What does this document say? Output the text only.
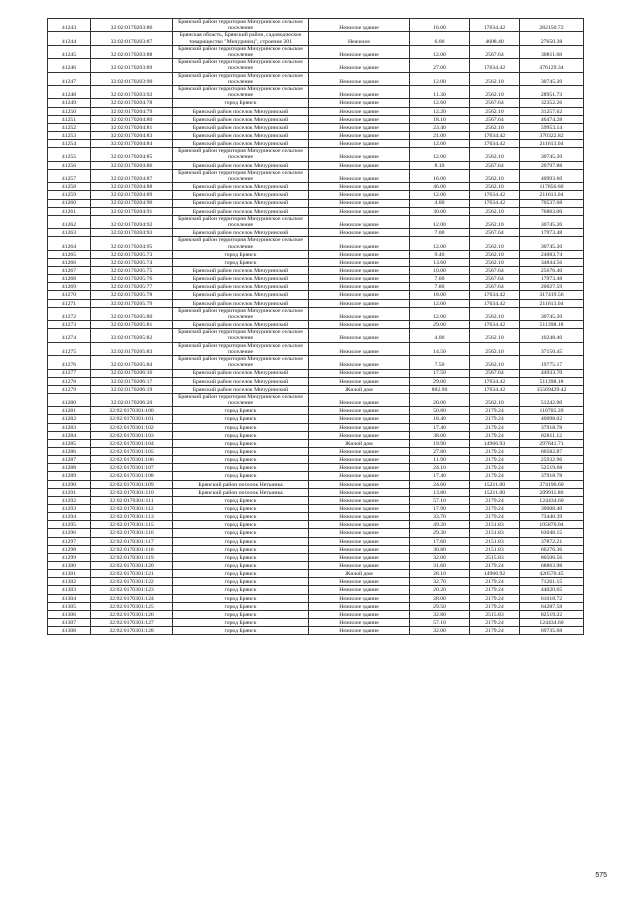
41243	32:02:0170203:86	Брянский район территория Мичуринское сельское поселение	Нежилое здание	16.00	17634.42	282150.72
41244	32:02:0170203:87	Брянская область, Брянский район, садоводческое товарищество "Мичуринец", строение 201	Нежилое	6.00	4608.40	27650.38
41245	32:02:0170203:88	Брянский район территория Мичуринское сельское поселение	Нежилое здание	12.00	2567.64	30811.68
41246	32:02:0170203:89	Брянский район территория Мичуринское сельское поселение	Нежилое здание	27.00	17634.42	476129.34
41247	32:02:0170203:90	Брянский район территория Мичуринское сельское поселение	Нежилое здание	12.00	2562.10	30745.20
41248	32:02:0170203:92	Брянский район территория Мичуринское сельское поселение	Нежилое здание	11.30	2562.10	28951.73
41249	32:02:0170204:78	город Брянск	Нежилое здание	12.60	2567.64	32352.26
41250	32:02:0170204:79	Брянский район поселок Мичуринский	Нежилое здание	12.20	2562.10	31257.62
41251	32:02:0170204:80	Брянский район поселок Мичуринский	Нежилое здание	18.10	2567.64	46474.28
41252	32:02:0170204:81	Брянский район поселок Мичуринский	Нежилое здание	23.40	2562.10	59953.14
41253	32:02:0170204:83	Брянский район поселок Мичуринский	Нежилое здание	21.00	17634.42	370322.82
41254	32:02:0170204:84	Брянский район поселок Мичуринский	Нежилое здание	12.00	17634.42	211613.04
41255	32:02:0170204:85	Брянский район территория Мичуринское сельское поселение	Нежилое здание	12.00	2562.10	30745.20
41256	32:02:0170204:86	Брянский район поселок Мичуринский	Нежилое здание	8.10	2567.64	20797.88
41257	32:02:0170204:87	Брянский район территория Мичуринское сельское поселение	Нежилое здание	16.00	2562.10	40993.60
41258	32:02:0170204:88	Брянский район поселок Мичуринский	Нежилое здание	46.00	2562.10	117856.60
41259	32:02:0170204:89	Брянский район поселок Мичуринский	Нежилое здание	12.00	17634.42	211613.04
41260	32:02:0170204:90	Брянский район поселок Мичуринский	Нежилое здание	4.00	17634.42	70537.68
41261	32:02:0170204:91	Брянский район поселок Мичуринский	Нежилое здание	30.00	2562.10	76863.00
41262	32:02:0170204:92	Брянский район территория Мичуринское сельское поселение	Нежилое здание	12.00	2562.10	30745.20
41263	32:02:0170204:93	Брянский район поселок Мичуринский	Нежилое здание	7.00	2567.64	17973.48
41264	32:02:0170204:95	Брянский район территория Мичуринское сельское поселение	Нежилое здание	12.00	2562.10	30745.20
41265	32:02:0170205:73	город Брянск	Нежилое здание	9.40	2562.10	24083.74
41266	32:02:0170205:74	город Брянск	Нежилое здание	13.60	2562.10	34844.56
41267	32:02:0170205:75	Брянский район поселок Мичуринский	Нежилое здание	10.00	2567.64	25676.40
41268	32:02:0170205:76	Брянский район поселок Мичуринский	Нежилое здание	7.00	2567.64	17973.48
41269	32:02:0170205:77	Брянский район поселок Мичуринский	Нежилое здание	7.80	2567.64	20027.59
41270	32:02:0170205:78	Брянский район поселок Мичуринский	Нежилое здание	18.00	17634.42	317419.56
41271	32:02:0170205:79	Брянский район поселок Мичуринский	Нежилое здание	12.00	17634.42	211613.04
41272	32:02:0170205:80	Брянский район территория Мичуринское сельское поселение	Нежилое здание	12.00	2562.10	30745.20
41273	32:02:0170205:81	Брянский район поселок Мичуринский	Нежилое здание	29.00	17634.42	511398.18
41274	32:02:0170205:82	Брянский район территория Мичуринское сельское поселение	Нежилое здание	4.00	2562.10	10248.40
41275	32:02:0170205:83	Брянский район территория Мичуринское сельское поселение	Нежилое здание	14.50	2562.10	37150.45
41276	32:02:0170205:84	Брянский район территория Мичуринское сельское поселение	Нежилое здание	7.50	2562.10	19775.17
41277	32:02:0170206:16	Брянский район поселок Мичуринский	Нежилое здание	17.50	2567.64	44933.70
41278	32:02:0170206:17	Брянский район поселок Мичуринский	Нежилое здание	29.00	17634.42	511398.18
41279	32:02:0170206:19	Брянский район поселок Мичуринский	Жилой дом	882.90	17634.42	15569429.42
41280	32:02:0170206:20	Брянский район территория Мичуринское сельское поселение	Нежилое здание	20.00	2562.10	51242.00
41281	32:02:0170301:100	город Брянск	Нежилое здание	50.80	2179.24	110705.39
41282	32:02:0170301:101	город Брянск	Нежилое здание	18.40	2179.24	40098.02
41283	32:02:0170301:102	город Брянск	Нежилое здание	17.40	2179.24	37918.78
41284	32:02:0170301:103	город Брянск	Нежилое здание	38.00	2179.24	82811.12
41285	32:02:0170301:104	город Брянск	Жилой дом	19.90	14966.93	297841.71
41286	32:02:0170301:105	город Брянск	Нежилое здание	27.80	2179.24	60582.87
41287	32:02:0170301:106	город Брянск	Нежилое здание	11.90	2179.24	25932.96
41288	32:02:0170301:107	город Брянск	Нежилое здание	24.10	2179.24	52519.68
41289	32:02:0170301:108	город Брянск	Нежилое здание	17.40	2179.24	37918.78
41290	32:02:0170301:109	Брянский район поселок Нетьинка	Нежилое здание	24.60	15211.00	374190.60
41291	32:02:0170301:110	Брянский район поселок Нетьинка	Нежилое здание	13.80	15211.00	209911.80
41292	32:02:0170301:111	город Брянск	Нежилое здание	57.10	2179.24	124434.60
41293	32:02:0170301:112	город Брянск	Нежилое здание	17.90	2179.24	39008.40
41294	32:02:0170301:113	город Брянск	Нежилое здание	33.70	2179.24	73440.39
41295	32:02:0170301:115	город Брянск	Нежилое здание	49.20	2151.83	105870.04
41296	32:02:0170301:116	город Брянск	Нежилое здание	29.30	2151.83	63048.15
41297	32:02:0170301:117	город Брянск	Нежилое здание	17.60	2151.83	37872.21
41298	32:02:0170301:118	город Брянск	Нежилое здание	30.80	2151.83	66276.36
41299	32:02:0170301:119	город Брянск	Нежилое здание	32.00	2515.83	80506.56
41300	32:02:0170301:120	город Брянск	Нежилое здание	31.60	2179.24	68863.98
41301	32:02:0170301:121	город Брянск	Жилой дом	28.10	14966.92	420570.45
41302	32:02:0170301:122	город Брянск	Нежилое здание	32.70	2179.24	71261.15
41303	32:02:0170301:123	город Брянск	Нежилое здание	20.20	2179.24	44020.65
41304	32:02:0170301:124	город Брянск	Нежилое здание	28.00	2179.24	61018.72
41305	32:02:0170301:125	город Брянск	Нежилое здание	29.50	2179.24	64287.58
41306	32:02:0170301:126	город Брянск	Нежилое здание	32.80	2515.83	82519.22
41307	32:02:0170301:127	город Брянск	Нежилое здание	57.10	2179.24	124434.60
41308	32:02:0170301:128	город Брянск	Нежилое здание	32.00	2179.24	69735.68
575
